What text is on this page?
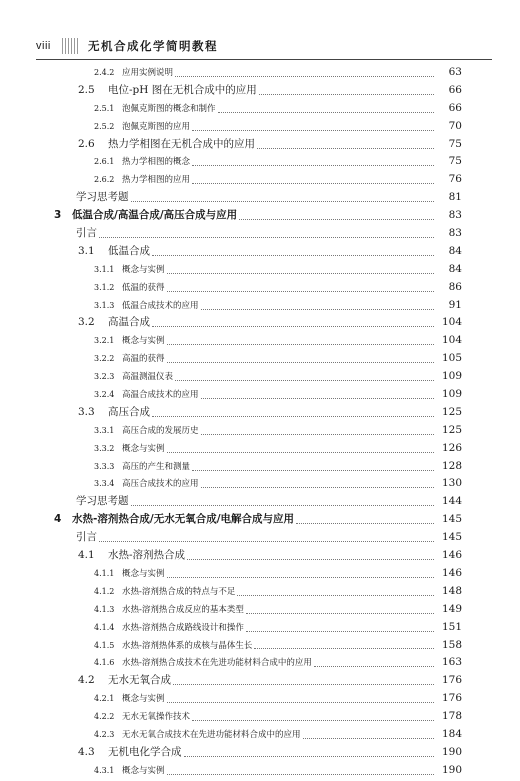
viii	无机合成化学简明教程
2.4.2 应用实例说明	63
2.5	电位-pH 图在无机合成中的应用	66
2.5.1 泡佩克斯图的概念和制作	66
2.5.2 泡佩克斯图的应用	70
2.6	热力学相图在无机合成中的应用	75
2.6.1 热力学相图的概念	75
2.6.2 热力学相图的应用	76
学习思考题	81
3	低温合成/高温合成/高压合成与应用	83
引言	83
3.1	低温合成	84
3.1.1 概念与实例	84
3.1.2 低温的获得	86
3.1.3 低温合成技术的应用	91
3.2	高温合成	104
3.2.1 概念与实例	104
3.2.2 高温的获得	105
3.2.3 高温测温仪表	109
3.2.4 高温合成技术的应用	109
3.3	高压合成	125
3.3.1 高压合成的发展历史	125
3.3.2 概念与实例	126
3.3.3 高压的产生和测量	128
3.3.4 高压合成技术的应用	130
学习思考题	144
4	水热-溶剂热合成/无水无氧合成/电解合成与应用	145
引言	145
4.1	水热-溶剂热合成	146
4.1.1 概念与实例	146
4.1.2 水热-溶剂热合成的特点与不足	148
4.1.3 水热-溶剂热合成反应的基本类型	149
4.1.4 水热-溶剂热合成路线设计和操作	151
4.1.5 水热-溶剂热体系的成核与晶体生长	158
4.1.6 水热-溶剂热合成技术在先进功能材料合成中的应用	163
4.2	无水无氧合成	176
4.2.1 概念与实例	176
4.2.2 无水无氧操作技术	178
4.2.3 无水无氧合成技术在先进功能材料合成中的应用	184
4.3	无机电化学合成	190
4.3.1 概念与实例	190
